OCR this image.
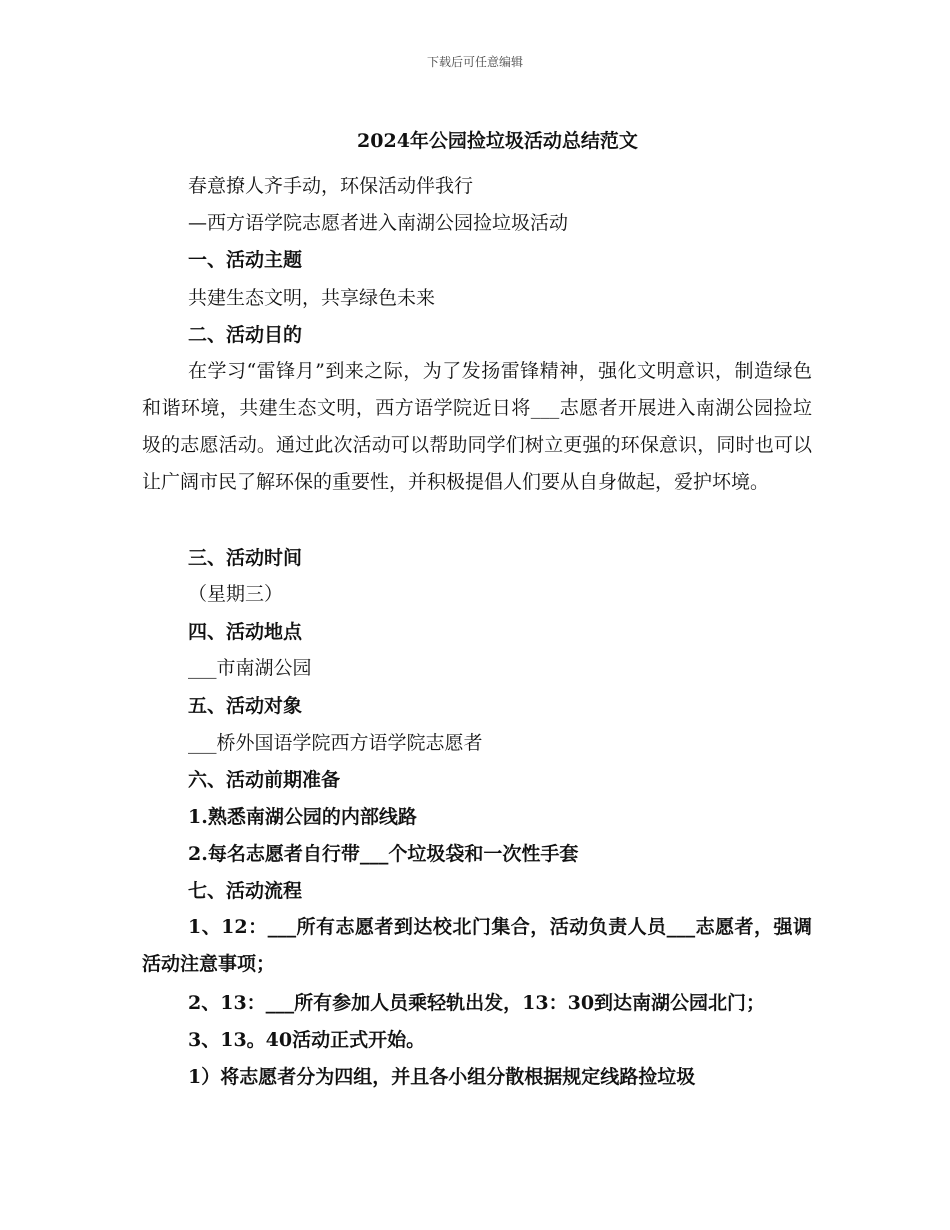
下载后可任意编辑
2024年公园捡垃圾活动总结范文
春意撩人齐手动，环保活动伴我行
—西方语学院志愿者进入南湖公园捡垃圾活动
一、活动主题
共建生态文明，共享绿色未来
二、活动目的
在学习“雷锋月”到来之际，为了发扬雷锋精神，强化文明意识，制造绿色和谐环境，共建生态文明，西方语学院近日将___志愿者开展进入南湖公园捡垃圾的志愿活动。通过此次活动可以帮助同学们树立更强的环保意识，同时也可以让广阔市民了解环保的重要性，并积极提倡人们要从自身做起，爱护坏境。
三、活动时间
（星期三）
四、活动地点
___市南湖公园
五、活动对象
___桥外国语学院西方语学院志愿者
六、活动前期准备
1.熟悉南湖公园的内部线路
2.每名志愿者自行带___个垃圾袋和一次性手套
七、活动流程
1、12：___所有志愿者到达校北门集合，活动负责人员___志愿者，强调活动注意事项；
2、13：___所有参加人员乘轻轨出发，13：30到达南湖公园北门；
3、13。40活动正式开始。
1）将志愿者分为四组，并且各小组分散根据规定线路捡垃圾
